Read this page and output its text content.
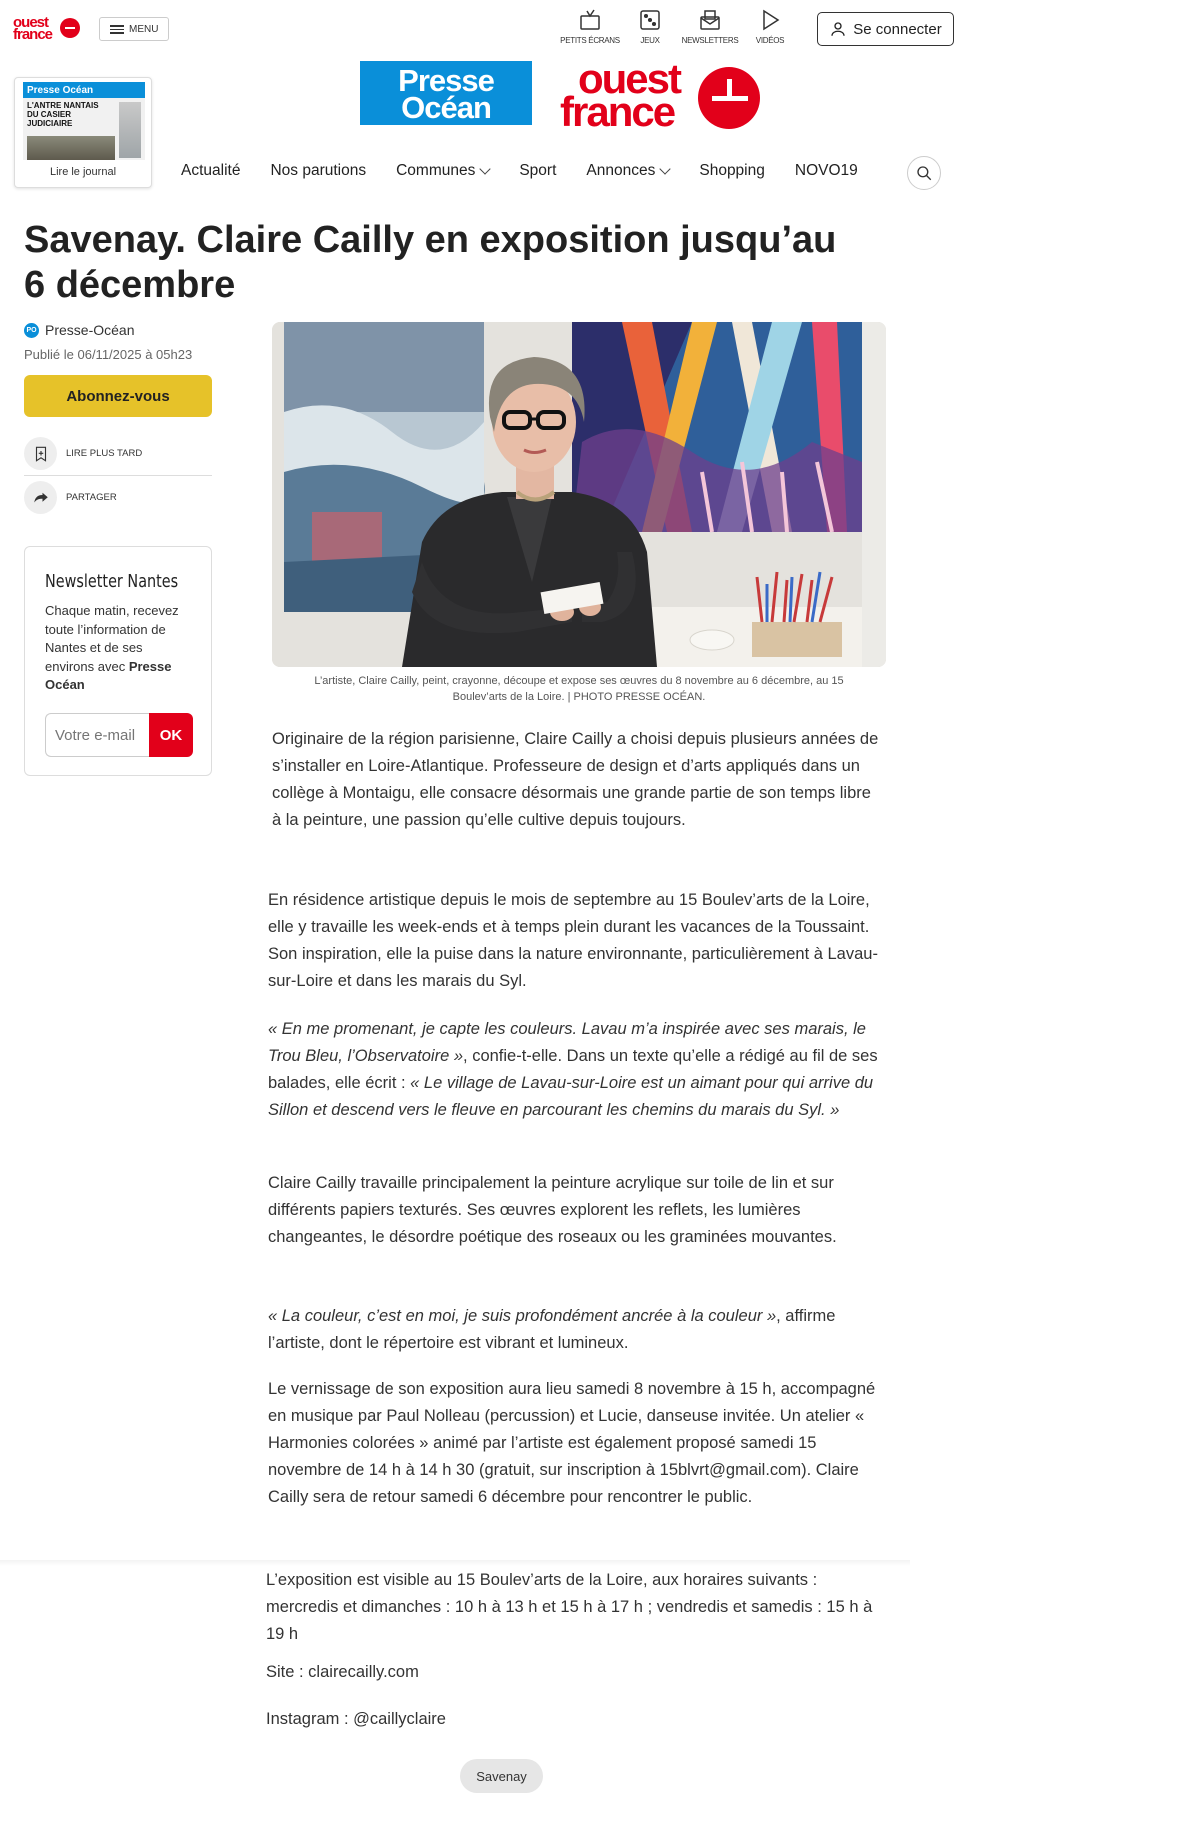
ouest france	MENU
PETITS ÉCRANS	JEUX	NEWSLETTERS VIDÉOS
Se connecter
Presse
Océan
ouest
france
Presse Océan
L'ANTRE NANTAIS DU CASIER JUDICIAIRE
Lire le journal	Actualité Nos parutions Communes	Sport Annonces	Shopping NOVO19
Savenay. Claire Cailly en exposition jusqu’au 6 décembre
PO Presse-Océan
Publié le 06/11/2025 à 05h23
Abonnez-vous
LIRE PLUS TARD
PARTAGER
Newsletter Nantes
Chaque matin, recevez toute l’information de Nantes et de ses environs avec Presse Océan
Votre e-mail
OK
L’artiste, Claire Cailly, peint, crayonne, découpe et expose ses œuvres du 8 novembre au 6 décembre, au 15 Boulev’arts de la Loire. | PHOTO PRESSE OCÉAN.

Originaire de la région parisienne, Claire Cailly a choisi depuis plusieurs années de s’installer en Loire-Atlantique. Professeure de design et d’arts appliqués dans un collège à Montaigu, elle consacre désormais une grande partie de son temps libre à la peinture, une passion qu’elle cultive depuis toujours.

En résidence artistique depuis le mois de septembre au 15 Boulev’arts de la Loire, elle y travaille les week-ends et à temps plein durant les vacances de la Toussaint. Son inspiration, elle la puise dans la nature environnante, particulièrement à Lavau-sur-Loire et dans les marais du Syl.

« En me promenant, je capte les couleurs. Lavau m’a inspirée avec ses marais, le Trou Bleu, l’Observatoire », confie-t-elle. Dans un texte qu’elle a rédigé au fil de ses balades, elle écrit : « Le village de Lavau-sur-Loire est un aimant pour qui arrive du Sillon et descend vers le fleuve en parcourant les chemins du marais du Syl. »

Claire Cailly travaille principalement la peinture acrylique sur toile de lin et sur différents papiers texturés. Ses œuvres explorent les reflets, les lumières changeantes, le désordre poétique des roseaux ou les graminées mouvantes.

« La couleur, c’est en moi, je suis profondément ancrée à la couleur », affirme l’artiste, dont le répertoire est vibrant et lumineux.

Le vernissage de son exposition aura lieu samedi 8 novembre à 15 h, accompagné en musique par Paul Nolleau (percussion) et Lucie, danseuse invitée. Un atelier « Harmonies colorées » animé par l’artiste est également proposé samedi 15 novembre de 14 h à 14 h 30 (gratuit, sur inscription à 15blvrt@gmail.com). Claire Cailly sera de retour samedi 6 décembre pour rencontrer le public.

L’exposition est visible au 15 Boulev’arts de la Loire, aux horaires suivants : mercredis et dimanches : 10 h à 13 h et 15 h à 17 h ; vendredis et samedis : 15 h à 19 h

Site : clairecailly.com

Instagram : @caillyclaire

Savenay
